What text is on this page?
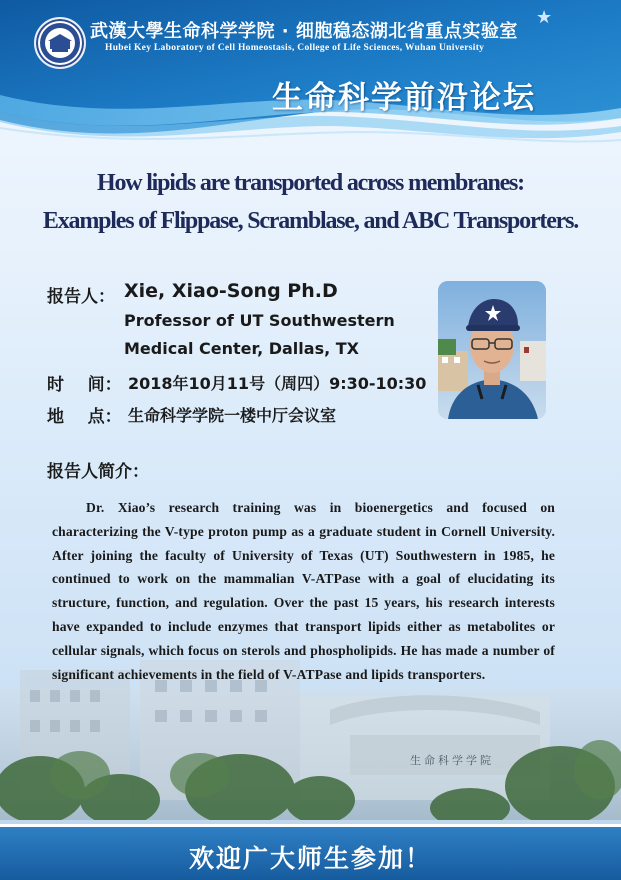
★
武漢大學生命科学学院 · 细胞稳态湖北省重点实验室
Hubei Key Laboratory of Cell Homeostasis, College of Life Sciences, Wuhan University
生命科学前沿论坛
How lipids are transported across membranes:
Examples of Flippase, Scramblase, and ABC Transporters.
报告人： Xie, Xiao-Song Ph.D
Professor of UT Southwestern
Medical Center, Dallas, TX
时    间： 2018年10月11号（周四）9:30-10:30
地    点： 生命科学学院一楼中厅会议室
报告人简介：
生命科学学院
Dr. Xiao’s research training was in bioenergetics and focused on characterizing the V-type proton pump as a graduate student in Cornell University. After joining the faculty of University of Texas (UT) Southwestern in 1985, he continued to work on the mammalian V-ATPase with a goal of elucidating its structure, function, and regulation. Over the past 15 years, his research interests have expanded to include enzymes that transport lipids either as metabolites or cellular signals, which focus on sterols and phospholipids. He has made a number of significant achievements in the field of V-ATPase and lipids transporters.
欢迎广大师生参加！
